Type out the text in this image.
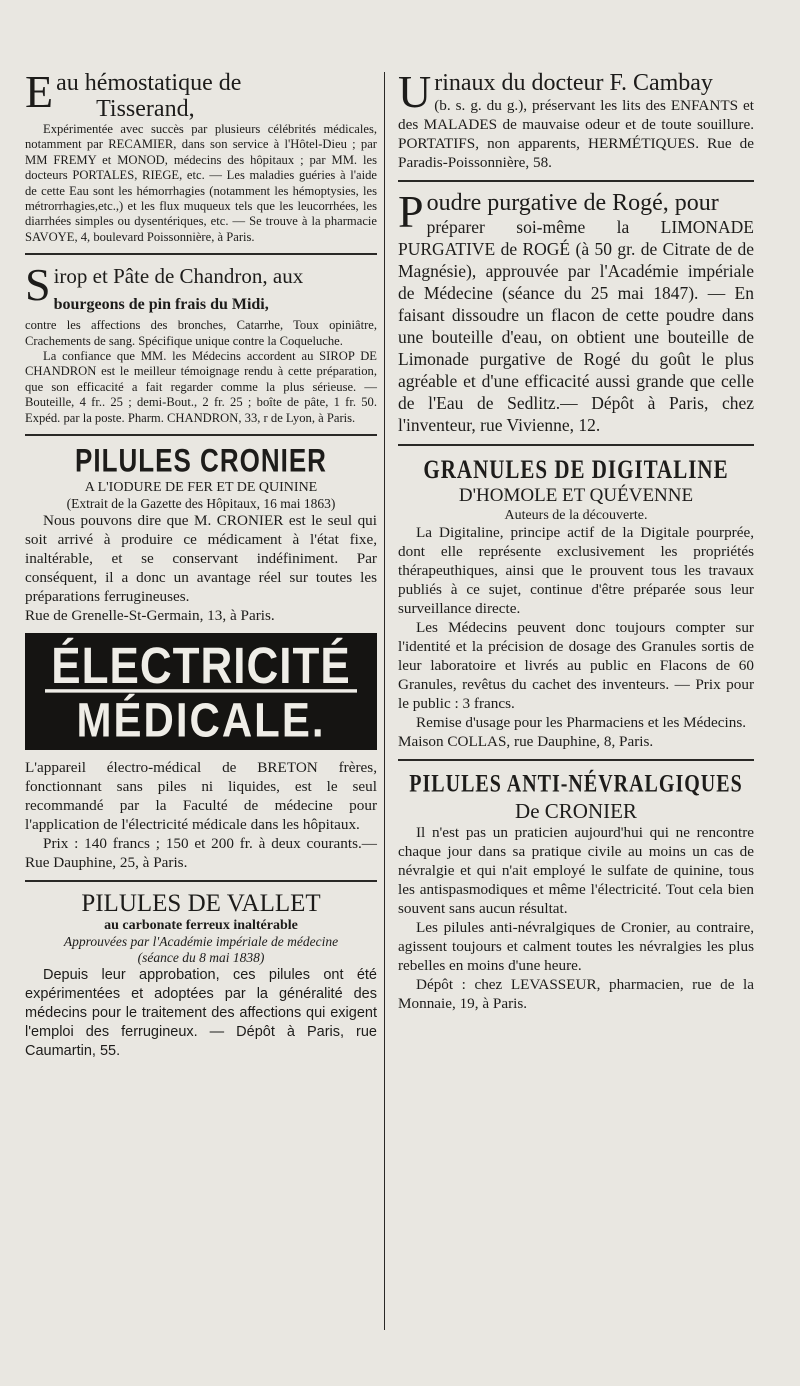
E au hémostatique de
Tisserand,

Expérimentée avec succès par plusieurs célébrités médicales, notamment par RECAMIER, dans son service à l'Hôtel-Dieu ; par MM FREMY et MONOD, médecins des hôpitaux ; par MM. les docteurs PORTALES, RIEGE, etc. — Les maladies guéries à l'aide de cette Eau sont les hémorrhagies (notamment les hémoptysies, les métrorrhagies,etc.,) et les flux muqueux tels que les leucorrhées, les diarrhées simples ou dysentériques, etc. — Se trouve à la pharmacie SAVOYE, 4, boulevard Poissonnière, à Paris.

S irop et Pâte de Chandron, aux
bourgeons de pin frais du Midi,

contre les affections des bronches, Catarrhe, Toux opiniâtre, Crachements de sang. Spécifique unique contre la Coqueluche.

La confiance que MM. les Médecins accordent au SIROP DE CHANDRON est le meilleur témoignage rendu à cette préparation, que son efficacité a fait regarder comme la plus sérieuse. — Bouteille, 4 fr.. 25 ; demi-Bout., 2 fr. 25 ; boîte de pâte, 1 fr. 50. Expéd. par la poste. Pharm. CHANDRON, 33, r de Lyon, à Paris.

PILULES CRONIER
A L'IODURE DE FER ET DE QUININE
(Extrait de la Gazette des Hôpitaux, 16 mai 1863)

Nous pouvons dire que M. CRONIER est le seul qui soit arrivé à produire ce médicament à l'état fixe, inaltérable, et se conservant indéfiniment. Par conséquent, il a donc un avantage réel sur toutes les préparations ferrugineuses.

Rue de Grenelle-St-Germain, 13, à Paris.

ÉLECTRICITÉ
MÉDICALE.

L'appareil électro-médical de BRETON frères, fonctionnant sans piles ni liquides, est le seul recommandé par la Faculté de médecine pour l'application de l'électricité médicale dans les hôpitaux.

Prix : 140 francs ; 150 et 200 fr. à deux courants.— Rue Dauphine, 25, à Paris.

PILULES DE VALLET
au carbonate ferreux inaltérable
Approuvées par l'Académie impériale de médecine
(séance du 8 mai 1838)

Depuis leur approbation, ces pilules ont été expérimentées et adoptées par la généralité des médecins pour le traitement des affections qui exigent l'emploi des ferrugineux. — Dépôt à Paris, rue Caumartin, 55.

U rinaux du docteur F. Cambay

(b. s. g. du g.), préservant les lits des ENFANTS et des MALADES de mauvaise odeur et de toute souillure. PORTATIFS, non apparents, HERMÉTIQUES. Rue de Paradis-Poissonnière, 58.

P oudre purgative de Rogé, pour

préparer soi-même la LIMONADE PURGATIVE de ROGÉ (à 50 gr. de Citrate de de Magnésie), approuvée par l'Académie impériale de Médecine (séance du 25 mai 1847). — En faisant dissoudre un flacon de cette poudre dans une bouteille d'eau, on obtient une bouteille de Limonade purgative de Rogé du goût le plus agréable et d'une efficacité aussi grande que celle de l'Eau de Sedlitz.— Dépôt à Paris, chez l'inventeur, rue Vivienne, 12.

GRANULES DE DIGITALINE
D'HOMOLE ET QUÉVENNE
Auteurs de la découverte.

La Digitaline, principe actif de la Digitale pourprée, dont elle représente exclusivement les propriétés thérapeuthiques, ainsi que le prouvent tous les travaux publiés à ce sujet, continue d'être préparée sous leur surveillance directe.

Les Médecins peuvent donc toujours compter sur l'identité et la précision de dosage des Granules sortis de leur laboratoire et livrés au public en Flacons de 60 Granules, revêtus du cachet des inventeurs. — Prix pour le public : 3 francs.

Remise d'usage pour les Pharmaciens et les Médecins.

Maison COLLAS, rue Dauphine, 8, Paris.

PILULES ANTI-NÉVRALGIQUES
De CRONIER

Il n'est pas un praticien aujourd'hui qui ne rencontre chaque jour dans sa pratique civile au moins un cas de névralgie et qui n'ait employé le sulfate de quinine, tous les antispasmodiques et même l'électricité. Tout cela bien souvent sans aucun résultat.

Les pilules anti-névralgiques de Cronier, au contraire, agissent toujours et calment toutes les névralgies les plus rebelles en moins d'une heure.

Dépôt : chez LEVASSEUR, pharmacien, rue de la Monnaie, 19, à Paris.
